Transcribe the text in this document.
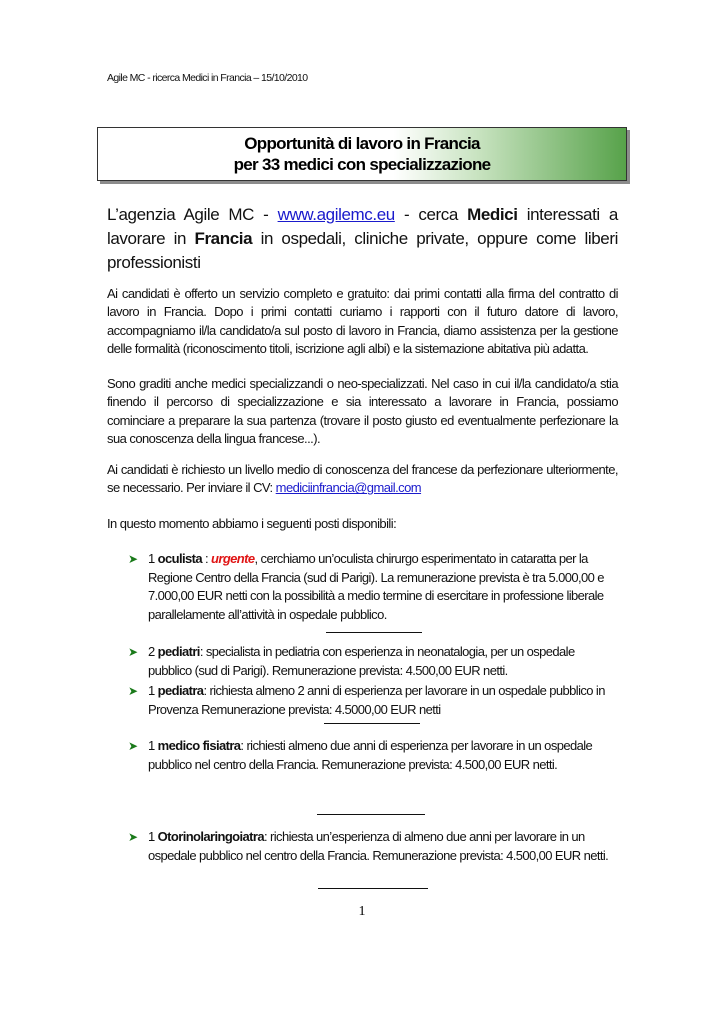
Agile MC - ricerca Medici in Francia – 15/10/2010
Opportunità di lavoro in Francia
per 33 medici con specializzazione
L’agenzia Agile MC - www.agilemc.eu - cerca Medici interessati a lavorare in Francia in ospedali, cliniche private, oppure come liberi professionisti
Ai candidati è offerto un servizio completo e gratuito: dai primi contatti alla firma del contratto di lavoro in Francia. Dopo i primi contatti curiamo i rapporti con il futuro datore di lavoro, accompagniamo il/la candidato/a sul posto di lavoro in Francia, diamo assistenza per la gestione delle formalità (riconoscimento titoli, iscrizione agli albi) e la sistemazione abitativa più adatta.
Sono graditi anche medici specializzandi o neo-specializzati. Nel caso in cui il/la candidato/a stia finendo il percorso di specializzazione e sia interessato a lavorare in Francia, possiamo cominciare a preparare la sua partenza (trovare il posto giusto ed eventualmente perfezionare la sua conoscenza della lingua francese...).
Ai candidati è richiesto un livello medio di conoscenza del francese da perfezionare ulteriormente, se necessario. Per inviare il CV: mediciinfrancia@gmail.com
In questo momento abbiamo i seguenti posti disponibili:
➤ 1 oculista : urgente, cerchiamo un’oculista chirurgo esperimentato in cataratta per la Regione Centro della Francia (sud di Parigi). La remunerazione prevista è tra 5.000,00 e 7.000,00 EUR netti con la possibilità a medio termine di esercitare in professione liberale parallelamente all’attività in ospedale pubblico.
➤ 2 pediatri: specialista in pediatria con esperienza in neonatalogia, per un ospedale pubblico (sud di Parigi). Remunerazione prevista: 4.500,00 EUR netti.
➤ 1 pediatra: richiesta almeno 2 anni di esperienza per lavorare in un ospedale pubblico in Provenza Remunerazione prevista: 4.5000,00 EUR netti
➤ 1 medico fisiatra: richiesti almeno due anni di esperienza per lavorare in un ospedale pubblico nel centro della Francia. Remunerazione prevista: 4.500,00 EUR netti.
➤ 1 Otorinolaringoiatra: richiesta un’esperienza di almeno due anni per lavorare in un ospedale pubblico nel centro della Francia. Remunerazione prevista: 4.500,00 EUR netti.
1
